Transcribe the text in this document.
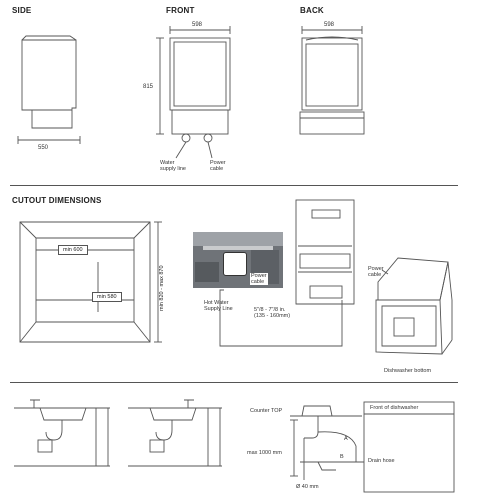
SIDE	FRONT	BACK
CUTOUT DIMENSIONS
550
598	598
815
min 600
min 580	min 820 - max 870
Water
supply line
Power
cable
Power
cable
Hot Water
Supply Line	5"/8 - 7"/8 in.
(135 - 160mm)
Power
cable
Dishwasher bottom
Counter TOP	Front of dishwasher
max 1000 mm
A
B
Drain hose
Ø 40 mm
